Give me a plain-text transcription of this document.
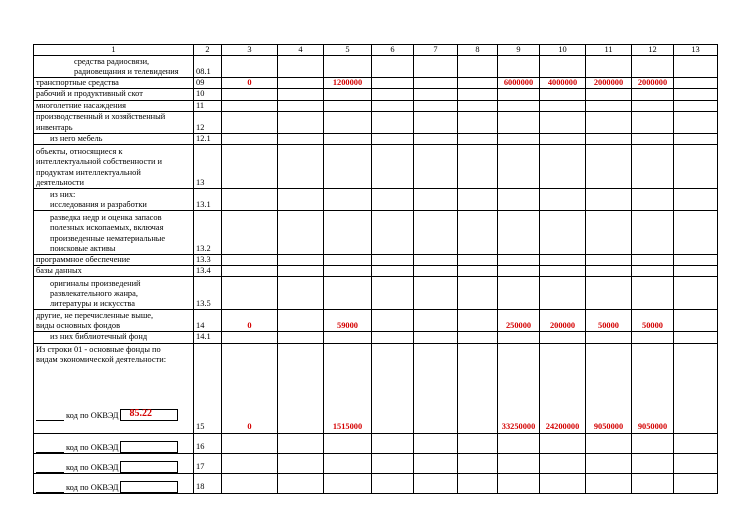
1	2	3	4	5	6	7	8	9	10	11	12	13

средства радиосвязи,
радиовещания и телевидения	08.1											

транспортные средства	09	0		1200000				6000000	4000000	2000000	2000000	

рабочий и продуктивный скот	10											

многолетние насаждения	11											

производственный и хозяйственный
инвентарь	12											

из него мебель	12.1											

объекты, относящиеся к
интеллектуальной собственности и
продуктам интеллектуальной
деятельности	13											

из них:
исследования и разработки	13.1											

разведка недр и оценка запасов
полезных ископаемых, включая
произведенные нематериальные
поисковые активы	13.2											

программное обеспечение	13.3											

базы данных	13.4											

оригиналы произведений
развлекательного жанра,
литературы и искусства	13.5											

другие, не перечисленные выше,
виды основных фондов	14	0		59000				250000	200000	50000	50000	

из них библиотечный фонд	14.1											

Из строки 01 - основные фонды по
видам экономической деятельности:
код по ОКВЭД 85.22	15	0		1515000				33250000	24200000	9050000	9050000	

код по ОКВЭД	16											

код по ОКВЭД	17											

код по ОКВЭД	18											
